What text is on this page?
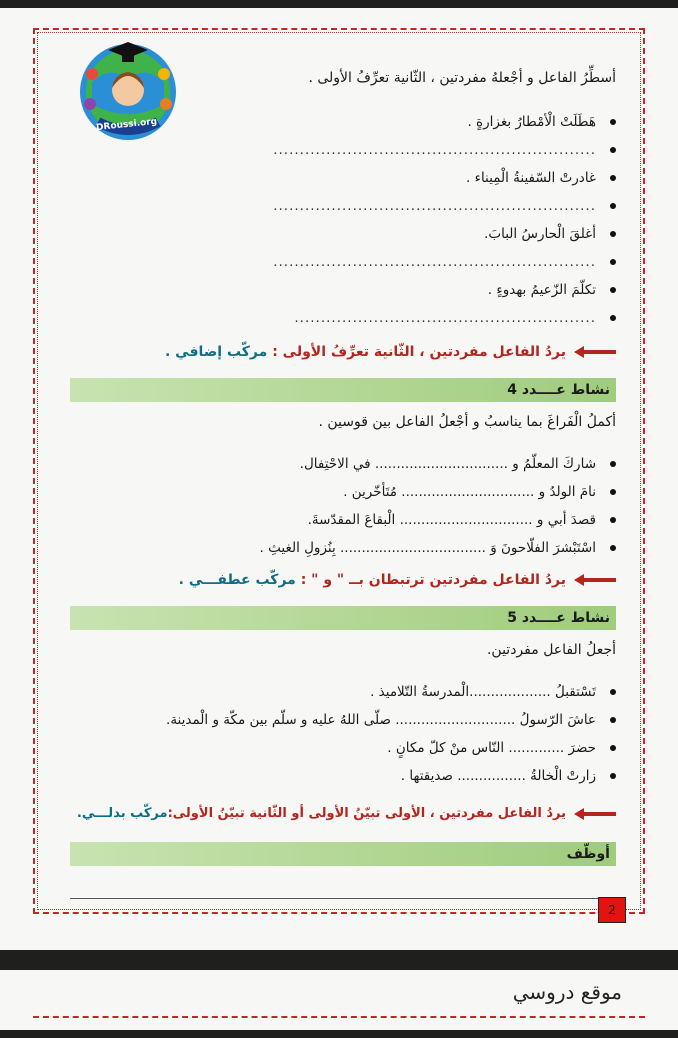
DRoussi.org
أسطِّرُ الفاعل و أجْعلهُ مفردتين ، الثّانية تعرِّفُ الأولى .
هَطَلَتْ الْأمْطارُ بغزارةٍ .
.............................................................
غادرتْ السّفينةُ الْمِيناء .
.............................................................
أغلقَ الْحارسُ البابَ.
.............................................................
تكلّمَ الزّعيمُ بهدوءٍ .
.........................................................
يردُ الفاعل مفردتين ، الثّانية تعرِّفُ الأولى :

مركّب إضافي .
نشاط عــــدد 4
أكملُ الْفَراغَ بما يناسبُ و أجْعلُ الفاعل بين قوسين .
شاركَ المعلّمُ و ............................... في الاحْتِفال.
نامَ الولدُ و ............................... مُتَأخّرين .
قصدَ أبي و ............................... الْبقاعَ المقدّسةَ.
اسْتَبْشرَ الفلّاحونَ وَ .................................. بِنُزولِ الغيثِ .
يردُ الفاعل مفردتين ترتبطان بــ " و " :

مركّب عطفـــي .
نشاط عــــدد 5
أجعلُ الفاعل مفردتين.
تَسْتقبلُ ...................الْمدرسةُ التّلاميذ .
عاشَ الرّسولُ ............................ صلّى اللهُ عليه و سلّم بين مكّة و الْمدينة.
حضرَ ............. النّاس منْ كلّ مكانٍ .
زارتْ الْخالةُ ................ صديقتها .
يردُ الفاعل مفردتين ، الأولى تبيّنُ الأولى أو الثّانية تبيّنُ الأولى:
مركّب بدلـــي.
أوظّف
2
موقع دروسي
